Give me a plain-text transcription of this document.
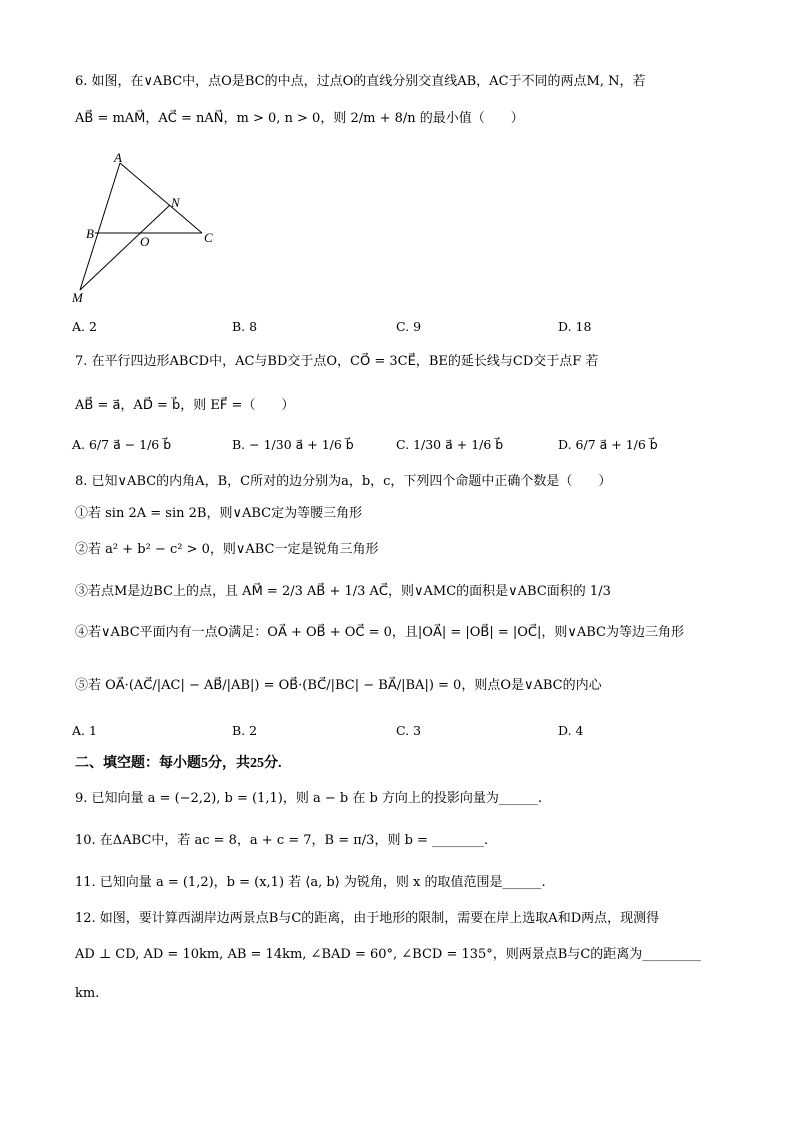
6. 如图，在∨ABC中，点O是BC的中点，过点O的直线分别交直线AB，AC于不同的两点M, N，若
AB⃗ = mAM⃗，AC⃗ = nAN⃗，m > 0, n > 0，则 2/m + 8/n 的最小值（　　）
A
B	C
N
O
M
A. 2	B. 8	C. 9	D. 18
7. 在平行四边形ABCD中，AC与BD交于点O，CO⃗ = 3CE⃗，BE的延长线与CD交于点F 若
AB⃗ = a⃗，AD⃗ = b⃗，则 EF⃗ =（　　）
A. 6/7 a⃗ − 1/6 b⃗	B. − 1/30 a⃗ + 1/6 b⃗	C. 1/30 a⃗ + 1/6 b⃗	D. 6/7 a⃗ + 1/6 b⃗
8. 已知∨ABC的内角A，B，C所对的边分别为a，b，c，下列四个命题中正确个数是（　　）
①若 sin 2A = sin 2B，则∨ABC定为等腰三角形
②若 a² + b² − c² > 0，则∨ABC一定是锐角三角形
③若点M是边BC上的点，且 AM⃗ = 2/3 AB⃗ + 1/3 AC⃗，则∨AMC的面积是∨ABC面积的 1/3
④若∨ABC平面内有一点O满足：OA⃗ + OB⃗ + OC⃗ = 0，且|OA⃗| = |OB⃗| = |OC⃗|，则∨ABC为等边三角形
⑤若 OA⃗·(AC⃗/|AC| − AB⃗/|AB|) = OB⃗·(BC⃗/|BC| − BA⃗/|BA|) = 0，则点O是∨ABC的内心
A. 1	B. 2	C. 3	D. 4
二、填空题：每小题5分，共25分.
9. 已知向量 a = (−2,2), b = (1,1)，则 a − b 在 b 方向上的投影向量为______.
10. 在ΔABC中，若 ac = 8，a + c = 7，B = π/3，则 b = ________.
11. 已知向量 a = (1,2)，b = (x,1) 若 ⟨a, b⟩ 为锐角，则 x 的取值范围是______.
12. 如图，要计算西湖岸边两景点B与C的距离，由于地形的限制，需要在岸上选取A和D两点，现测得
AD ⊥ CD, AD = 10km, AB = 14km, ∠BAD = 60°, ∠BCD = 135°，则两景点B与C的距离为_________
km.
